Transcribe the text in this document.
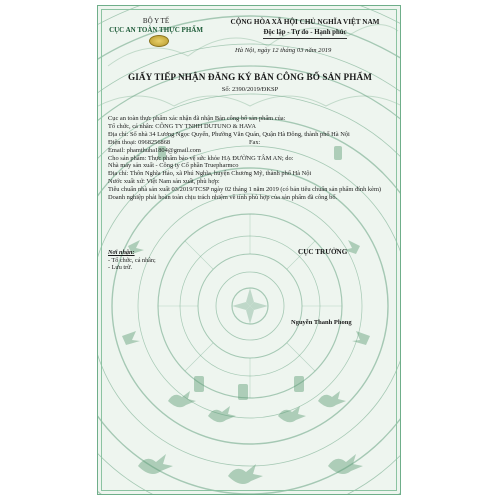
BỘ Y TẾ
CỤC AN TOÀN THỰC PHẨM
CỘNG HÒA XÃ HỘI CHỦ NGHĨA VIỆT NAM
Độc lập - Tự do - Hạnh phúc
Hà Nội, ngày 12 tháng 03 năm 2019
GIẤY TIẾP NHẬN ĐĂNG KÝ BẢN CÔNG BỐ SẢN PHẨM
Số: 2390/2019/ĐKSP

Cục an toàn thực phẩm xác nhận đã nhận Bản công bố sản phẩm của:

Tổ chức, cá nhân: CÔNG TY TNHH DUTUNO & HAVA

Địa chỉ: Số nhà 34 Lương Ngọc Quyến, Phường Văn Quán, Quận Hà Đông, thành phố Hà Nội

Điện thoại: 0968256868	Fax:

Email: phamthuha1804@gmail.com

Cho sản phẩm: Thực phẩm bảo vệ sức khỏe HẠ ĐƯỜNG TÂM AN; do:

Nhà máy sản xuất - Công ty Cổ phần Truepharmco

Địa chỉ: Thôn Nghĩa Hảo, xã Phú Nghĩa, huyện Chương Mỹ, thành phố Hà Nội

Nước xuất xứ: Việt Nam sản xuất, phù hợp:

Tiêu chuẩn nhà sản xuất 03/2019/TCSP ngày 02 tháng 1 năm 2019 (có bản tiêu chuẩn sản phẩm đính kèm)

Doanh nghiệp phải hoàn toàn chịu trách nhiệm về tính phù hợp của sản phẩm đã công bố.

Nơi nhận:
- Tổ chức, cá nhân;
- Lưu trữ.
CỤC TRƯỞNG
Nguyễn Thanh Phong
